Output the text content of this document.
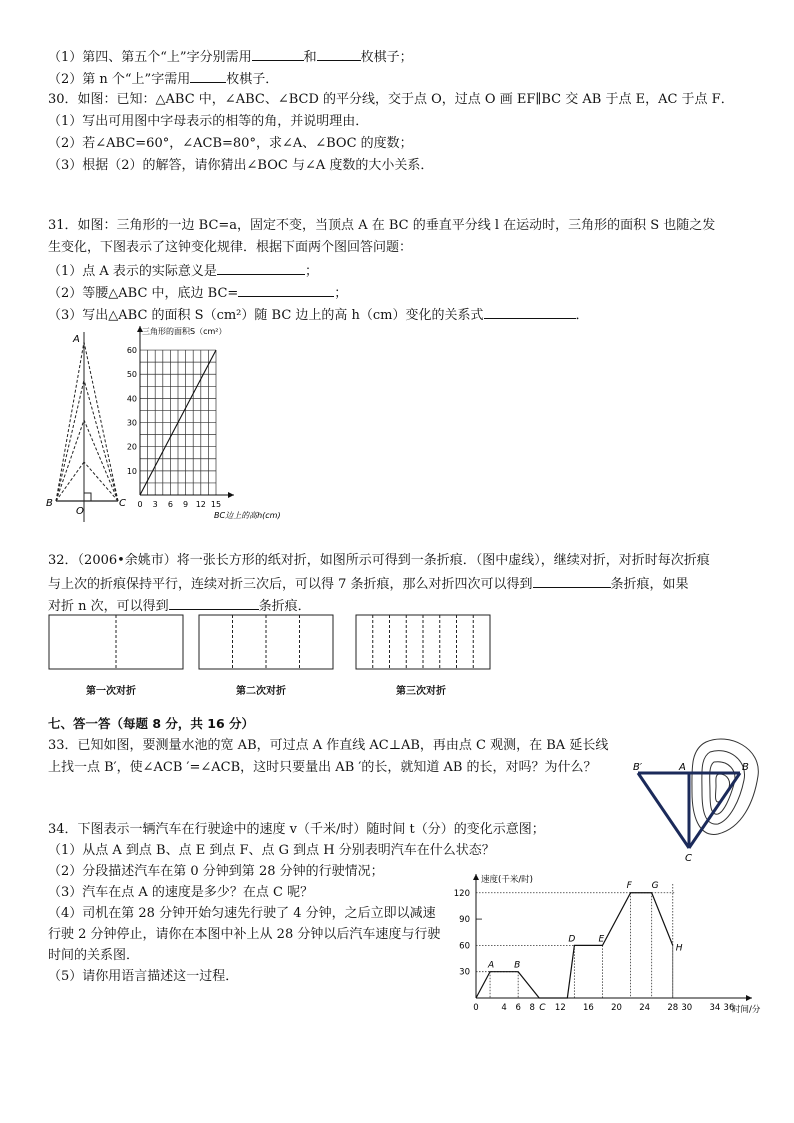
（1）第四、第五个“上”字分别需用	和	枚棋子；
（2）第 n 个“上”字需用	枚棋子．
30．如图：已知：△ABC 中，∠ABC、∠BCD 的平分线，交于点 O，过点 O 画 EF∥BC 交 AB 于点 E，AC 于点 F．
（1）写出可用图中字母表示的相等的角，并说明理由．
（2）若∠ABC=60°，∠ACB=80°，求∠A、∠BOC 的度数；
（3）根据（2）的解答，请你猜出∠BOC 与∠A 度数的大小关系．
31．如图：三角形的一边 BC=a，固定不变，当顶点 A 在 BC 的垂直平分线 l 在运动时，三角形的面积 S 也随之发
生变化，下图表示了这钟变化规律．根据下面两个图回答问题：
（1）点 A 表示的实际意义是	；
（2）等腰△ABC 中，底边 BC=	；
（3）写出△ABC 的面积 S（cm²）随 BC 边上的高 h（cm）变化的关系式	．
A
B	C
O
0 3 6 9 12 15
10
20
30
40
50
60
三角形的面积S（cm²）
BC边上的高h(cm)
32．（2006•余姚市）将一张长方形的纸对折，如图所示可得到一条折痕．（图中虚线），继续对折，对折时每次折痕
与上次的折痕保持平行，连续对折三次后，可以得 7 条折痕，那么对折四次可以得到	条折痕，如果
对折 n 次，可以得到	条折痕．
第一次对折	第二次对折	第三次对折
七、答一答（每题 8 分，共 16 分）
33．已知如图，要测量水池的宽 AB，可过点 A 作直线 AC⊥AB，再由点 C 观测，在 BA 延长线
上找一点 B′，使∠ACB ′=∠ACB，这时只要量出 AB ′的长，就知道 AB 的长，对吗？为什么？	B′	A	B
C
34．下图表示一辆汽车在行驶途中的速度 v（千米/时）随时间 t（分）的变化示意图；
（1）从点 A 到点 B、点 E 到点 F、点 G 到点 H 分别表明汽车在什么状态？
（2）分段描述汽车在第 0 分钟到第 28 分钟的行驶情况；
（3）汽车在点 A 的速度是多少？在点 C 呢？
（4）司机在第 28 分钟开始匀速先行驶了 4 分钟，之后立即以减速
行驶 2 分钟停止，请你在本图中补上从 28 分钟以后汽车速度与行驶
时间的关系图．
（5）请你用语言描述这一过程．
速度(千米/时)
时间/分
30
60
90
120
0	4 6 8 12 16 20 24 28 30 34 36
A B
C
D	E
F G
H
